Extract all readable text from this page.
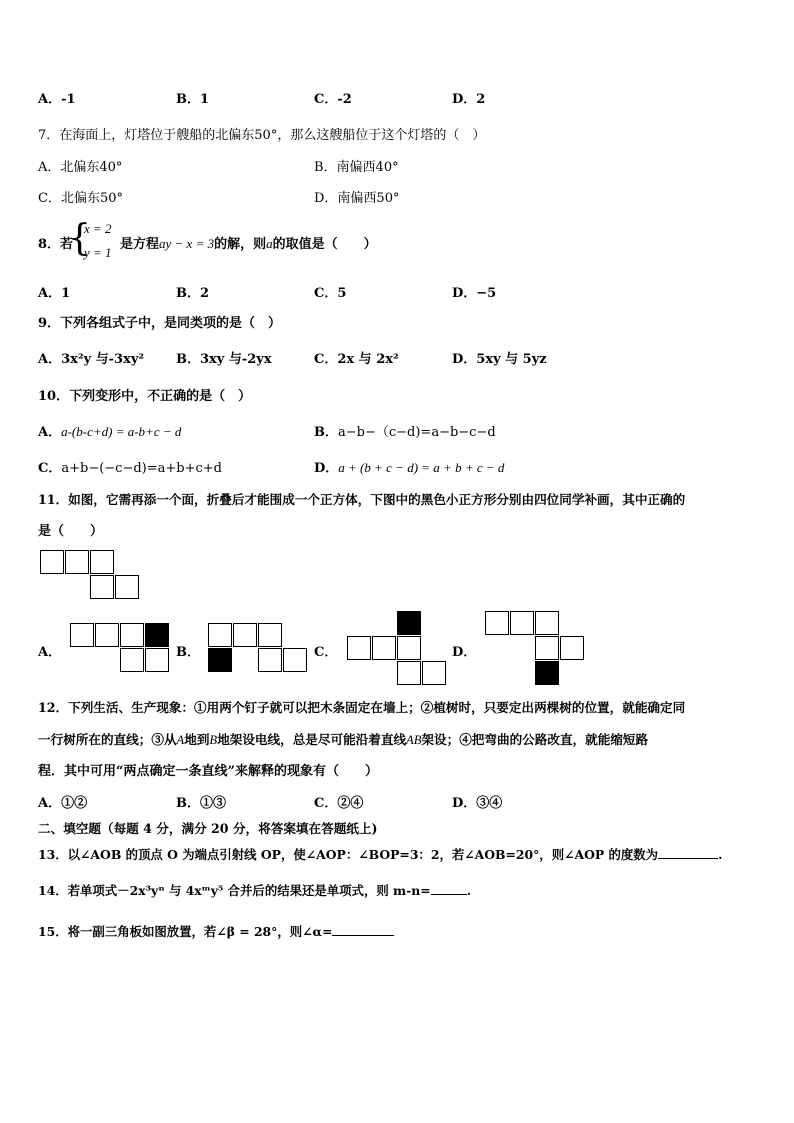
A．-1	B．1	C．-2	D．2
7．在海面上，灯塔位于艘船的北偏东50°，那么这艘船位于这个灯塔的（　）
A．北偏东40°	B．南偏西40°
C．北偏东50°	D．南偏西50°
8．若
{
x = 2
y = 1
是方程ay − x = 3的解，则a的取值是（　　）
A．1	B．2	C．5	D．−5
9．下列各组式子中，是同类项的是（　）
A．3x²y 与-3xy² B．3xy 与-2yx	C．2x 与 2x²	D．5xy 与 5yz
10．下列变形中，不正确的是（　）
A．a-(b-c+d) = a-b+c − d	B．a−b−（c−d)=a−b−c−d
C．a+b−(−c−d)=a+b+c+d	D．a + (b + c − d) = a + b + c − d
11．如图，它需再添一个面，折叠后才能围成一个正方体，下图中的黑色小正方形分别由四位同学补画，其中正确的
是（　　）
A．	B．	C．	D．
12．下列生活、生产现象：①用两个钉子就可以把木条固定在墙上；②植树时，只要定出两棵树的位置，就能确定同
一行树所在的直线；③从A地到B地架设电线，总是尽可能沿着直线AB架设；④把弯曲的公路改直，就能缩短路
程．其中可用“两点确定一条直线”来解释的现象有（　　）
A．①②	B．①③	C．②④	D．③④
二、填空题（每题 4 分，满分 20 分，将答案填在答题纸上)
13．以∠AOB 的顶点 O 为端点引射线 OP，使∠AOP：∠BOP=3：2，若∠AOB=20°，则∠AOP 的度数为	.
14．若单项式－2x³yⁿ 与 4xᵐy⁵ 合并后的结果还是单项式，则 m-n=	.
15．将一副三角板如图放置，若∠β = 28°，则∠α=
